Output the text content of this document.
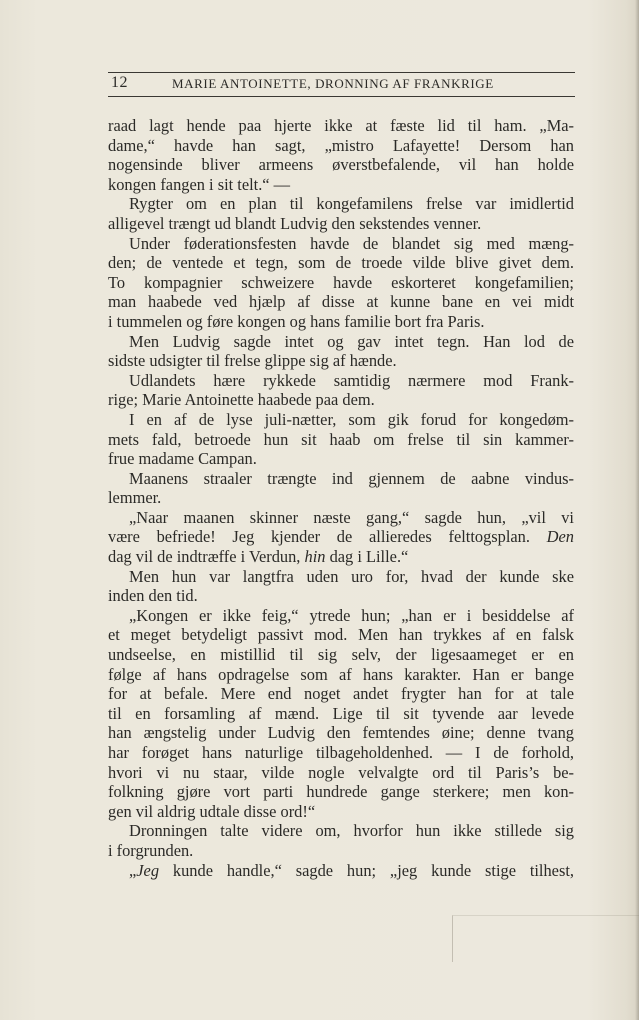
12	MARIE ANTOINETTE, DRONNING AF FRANKRIGE
raad lagt hende paa hjerte ikke at fæste lid til ham. „Ma-
dame,“ havde han sagt, „mistro Lafayette! Dersom han
nogensinde bliver armeens øverstbefalende, vil han holde
kongen fangen i sit telt.“ —
Rygter om en plan til kongefamilens frelse var imidlertid
alligevel trængt ud blandt Ludvig den sekstendes venner.
Under føderationsfesten havde de blandet sig med mæng-
den; de ventede et tegn, som de troede vilde blive givet dem.
To kompagnier schweizere havde eskorteret kongefamilien;
man haabede ved hjælp af disse at kunne bane en vei midt
i tummelen og føre kongen og hans familie bort fra Paris.
Men Ludvig sagde intet og gav intet tegn. Han lod de
sidste udsigter til frelse glippe sig af hænde.
Udlandets hære rykkede samtidig nærmere mod Frank-
rige; Marie Antoinette haabede paa dem.
I en af de lyse juli-nætter, som gik forud for kongedøm-
mets fald, betroede hun sit haab om frelse til sin kammer-
frue madame Campan.
Maanens straaler trængte ind gjennem de aabne vindus-
lemmer.
„Naar maanen skinner næste gang,“ sagde hun, „vil vi
være befriede! Jeg kjender de allieredes felttogsplan. Den
dag vil de indtræffe i Verdun, hin dag i Lille.“
Men hun var langtfra uden uro for, hvad der kunde ske
inden den tid.
„Kongen er ikke feig,“ ytrede hun; „han er i besiddelse af
et meget betydeligt passivt mod. Men han trykkes af en falsk
undseelse, en mistillid til sig selv, der ligesaameget er en
følge af hans opdragelse som af hans karakter. Han er bange
for at befale. Mere end noget andet frygter han for at tale
til en forsamling af mænd. Lige til sit tyvende aar levede
han ængstelig under Ludvig den femtendes øine; denne tvang
har forøget hans naturlige tilbageholdenhed. — I de forhold,
hvori vi nu staar, vilde nogle velvalgte ord til Paris’s be-
folkning gjøre vort parti hundrede gange sterkere; men kon-
gen vil aldrig udtale disse ord!“
Dronningen talte videre om, hvorfor hun ikke stillede sig
i forgrunden.
„Jeg kunde handle,“ sagde hun; „jeg kunde stige tilhest,
